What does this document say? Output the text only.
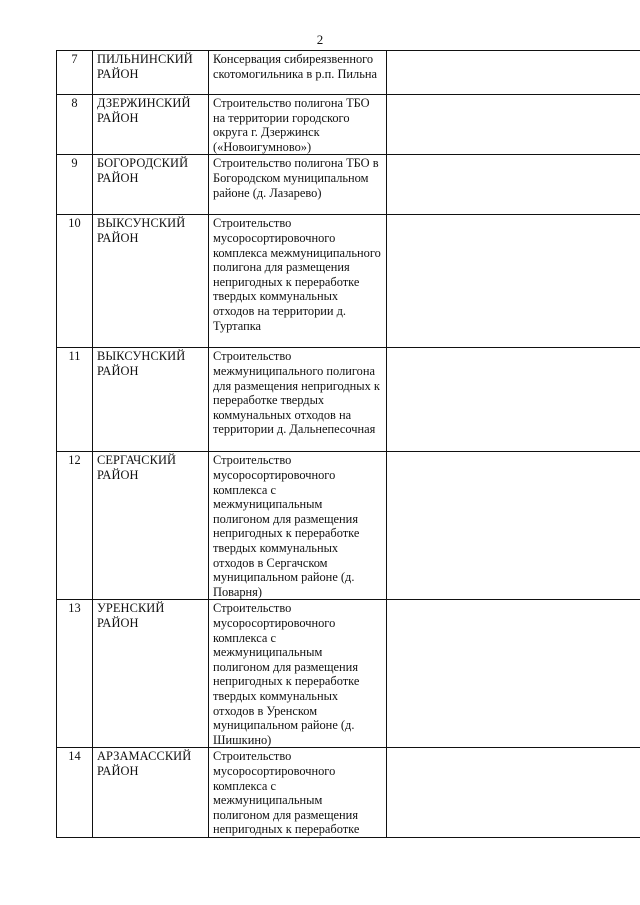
2
7	ПИЛЬНИНСКИЙ РАЙОН	Консервация сибиреязвенного скотомогильника в р.п. Пильна	
8	ДЗЕРЖИНСКИЙ РАЙОН	Строительство полигона ТБО на территории городского округа г. Дзержинск («Новоигумново»)	
9	БОГОРОДСКИЙ РАЙОН	Строительство полигона ТБО в Богородском муниципальном районе (д. Лазарево)	
10	ВЫКСУНСКИЙ РАЙОН	Строительство мусоросортировочного комплекса межмуниципального полигона для размещения непригодных к переработке твердых коммунальных отходов на территории д. Туртапка	
11	ВЫКСУНСКИЙ РАЙОН	Строительство межмуниципального полигона для размещения непригодных к переработке твердых коммунальных отходов на территории д. Дальнепесочная	
12	СЕРГАЧСКИЙ РАЙОН	Строительство мусоросортировочного комплекса с межмуниципальным полигоном для размещения непригодных к переработке твердых коммунальных отходов в Сергачском муниципальном районе (д. Поварня)	
13	УРЕНСКИЙ РАЙОН	Строительство мусоросортировочного комплекса с межмуниципальным полигоном для размещения непригодных к переработке твердых коммунальных отходов в Уренском муниципальном районе (д. Шишкино)	
14	АРЗАМАССКИЙ РАЙОН	Строительство мусоросортировочного комплекса с межмуниципальным полигоном для размещения непригодных к переработке	
